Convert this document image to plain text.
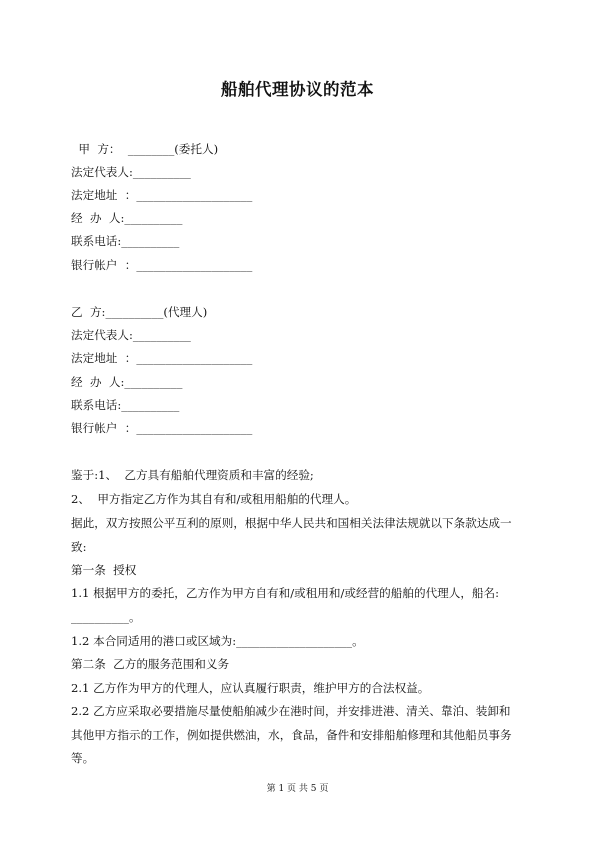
船舶代理协议的范本
甲  方：  ________(委托人)
法定代表人:__________
法定地址  ：____________________
经  办  人:__________
联系电话:__________
银行帐户  ：____________________
乙  方:__________(代理人)
法定代表人:__________
法定地址  ：____________________
经  办  人:__________
联系电话:__________
银行帐户  ：____________________
鉴于:1、  乙方具有船舶代理资质和丰富的经验;
2、  甲方指定乙方作为其自有和/或租用船舶的代理人。
据此，双方按照公平互利的原则，根据中华人民共和国相关法律法规就以下条款达成一
致:
第一条  授权
1.1 根据甲方的委托，乙方作为甲方自有和/或租用和/或经营的船舶的代理人，船名:
__________。
1.2 本合同适用的港口或区域为:____________________。
第二条  乙方的服务范围和义务
2.1 乙方作为甲方的代理人，应认真履行职责，维护甲方的合法权益。
2.2 乙方应采取必要措施尽量使船舶减少在港时间，并安排进港、清关、靠泊、装卸和
其他甲方指示的工作，例如提供燃油，水，食品，备件和安排船舶修理和其他船员事务
等。
第 1 页 共 5 页
